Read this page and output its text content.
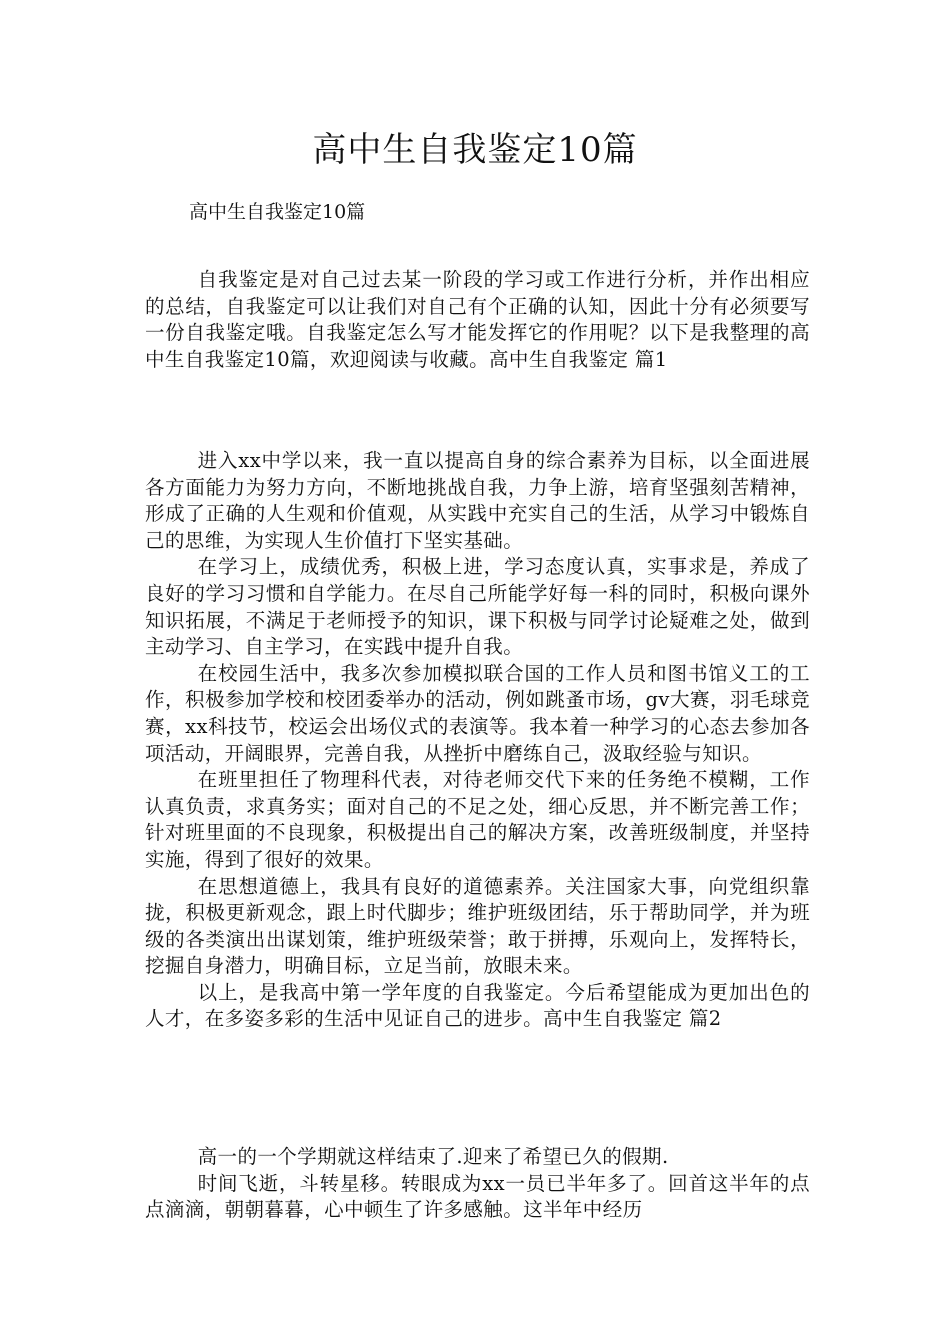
高中生自我鉴定10篇
高中生自我鉴定10篇

自我鉴定是对自己过去某一阶段的学习或工作进行分析，并作出相应的总结，自我鉴定可以让我们对自己有个正确的认知，因此十分有必须要写一份自我鉴定哦。自我鉴定怎么写才能发挥它的作用呢？以下是我整理的高中生自我鉴定10篇，欢迎阅读与收藏。高中生自我鉴定 篇1

进入xx中学以来，我一直以提高自身的综合素养为目标，以全面进展各方面能力为努力方向，不断地挑战自我，力争上游，培育坚强刻苦精神，形成了正确的人生观和价值观，从实践中充实自己的生活，从学习中锻炼自己的思维，为实现人生价值打下坚实基础。

在学习上，成绩优秀，积极上进，学习态度认真，实事求是，养成了良好的学习习惯和自学能力。在尽自己所能学好每一科的同时，积极向课外知识拓展，不满足于老师授予的知识，课下积极与同学讨论疑难之处，做到主动学习、自主学习，在实践中提升自我。

在校园生活中，我多次参加模拟联合国的工作人员和图书馆义工的工作，积极参加学校和校团委举办的活动，例如跳蚤市场，gv大赛，羽毛球竞赛，xx科技节，校运会出场仪式的表演等。我本着一种学习的心态去参加各项活动，开阔眼界，完善自我，从挫折中磨练自己，汲取经验与知识。

在班里担任了物理科代表，对待老师交代下来的任务绝不模糊，工作认真负责，求真务实；面对自己的不足之处，细心反思，并不断完善工作；针对班里面的不良现象，积极提出自己的解决方案，改善班级制度，并坚持实施，得到了很好的效果。

在思想道德上，我具有良好的道德素养。关注国家大事，向党组织靠拢，积极更新观念，跟上时代脚步；维护班级团结，乐于帮助同学，并为班级的各类演出出谋划策，维护班级荣誉；敢于拼搏，乐观向上，发挥特长，挖掘自身潜力，明确目标，立足当前，放眼未来。

以上，是我高中第一学年度的自我鉴定。今后希望能成为更加出色的人才，在多姿多彩的生活中见证自己的进步。高中生自我鉴定 篇2

高一的一个学期就这样结束了.迎来了希望已久的假期.

时间飞逝，斗转星移。转眼成为xx一员已半年多了。回首这半年的点点滴滴，朝朝暮暮，心中顿生了许多感触。这半年中经历
